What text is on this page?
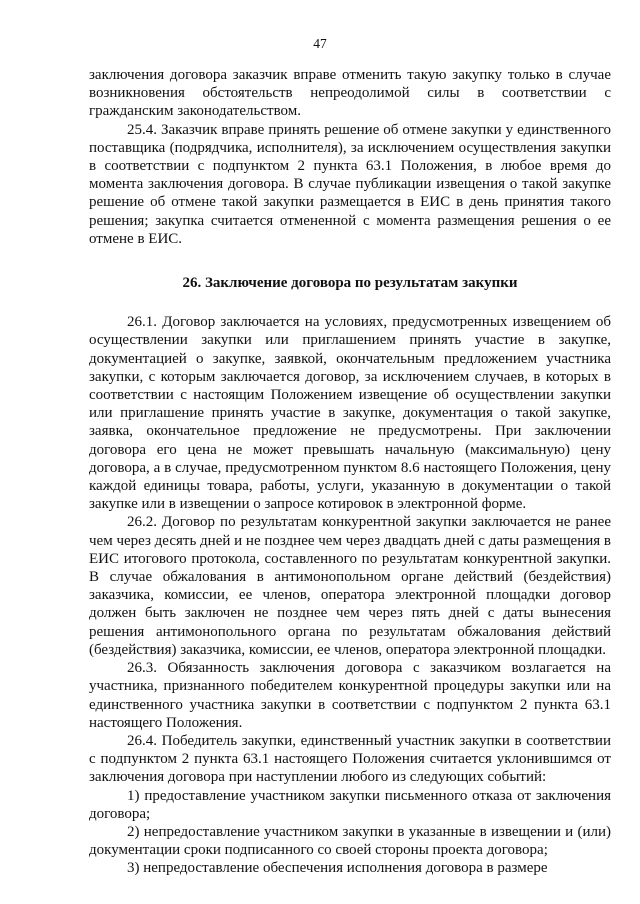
47

заключения договора заказчик вправе отменить такую закупку только в случае возникновения обстоятельств непреодолимой силы в соответствии с гражданским законодательством.

25.4. Заказчик вправе принять решение об отмене закупки у единственного поставщика (подрядчика, исполнителя), за исключением осуществления закупки в соответствии с подпунктом 2 пункта 63.1 Положения, в любое время до момента заключения договора. В случае публикации извещения о такой закупке решение об отмене такой закупки размещается в ЕИС в день принятия такого решения; закупка считается отмененной с момента размещения решения о ее отмене в ЕИС.

26. Заключение договора по результатам закупки

26.1. Договор заключается на условиях, предусмотренных извещением об осуществлении закупки или приглашением принять участие в закупке, документацией о закупке, заявкой, окончательным предложением участника закупки, с которым заключается договор, за исключением случаев, в которых в соответствии с настоящим Положением извещение об осуществлении закупки или приглашение принять участие в закупке, документация о такой закупке, заявка, окончательное предложение не предусмотрены. При заключении договора его цена не может превышать начальную (максимальную) цену договора, а в случае, предусмотренном пунктом 8.6 настоящего Положения, цену каждой единицы товара, работы, услуги, указанную в документации о такой закупке или в извещении о запросе котировок в электронной форме.

26.2. Договор по результатам конкурентной закупки заключается не ранее чем через десять дней и не позднее чем через двадцать дней с даты размещения в ЕИС итогового протокола, составленного по результатам конкурентной закупки. В случае обжалования в антимонопольном органе действий (бездействия) заказчика, комиссии, ее членов, оператора электронной площадки договор должен быть заключен не позднее чем через пять дней с даты вынесения решения антимонопольного органа по результатам обжалования действий (бездействия) заказчика, комиссии, ее членов, оператора электронной площадки.

26.3. Обязанность заключения договора с заказчиком возлагается на участника, признанного победителем конкурентной процедуры закупки или на единственного участника закупки в соответствии с подпунктом 2 пункта 63.1 настоящего Положения.

26.4. Победитель закупки, единственный участник закупки в соответствии с подпунктом 2 пункта 63.1 настоящего Положения считается уклонившимся от заключения договора при наступлении любого из следующих событий:

1) предоставление участником закупки письменного отказа от заключения договора;

2) непредоставление участником закупки в указанные в извещении и (или) документации сроки подписанного со своей стороны проекта договора;

3) непредоставление обеспечения исполнения договора в размере
